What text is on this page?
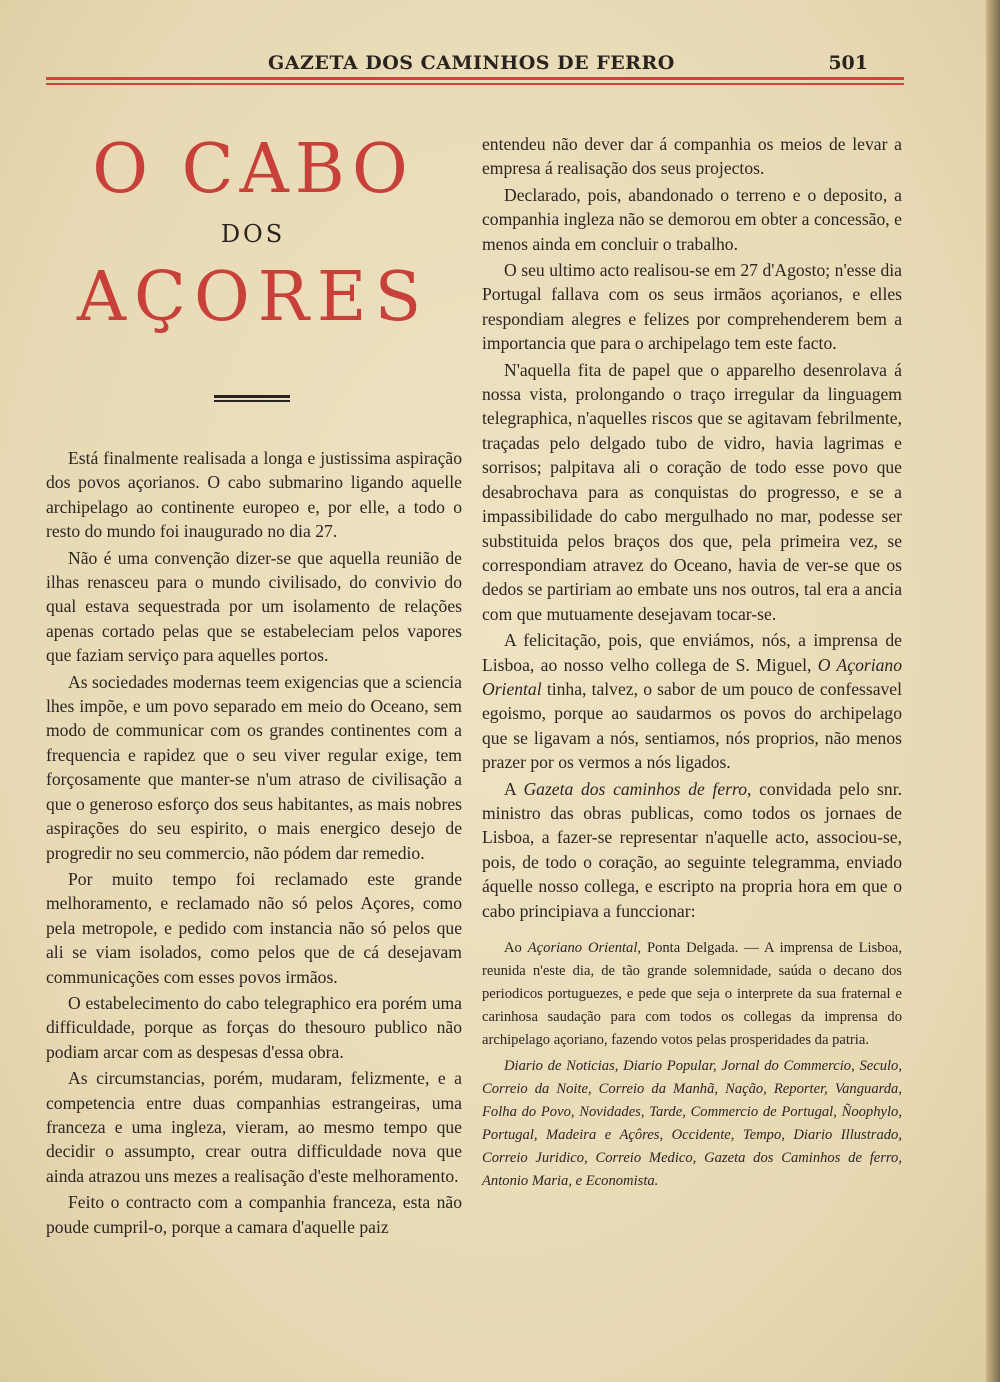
GAZETA DOS CAMINHOS DE FERRO	501
O CABO
DOS
AÇORES

Está finalmente realisada a longa e justissima aspiração dos povos açorianos. O cabo submarino ligando aquelle archipelago ao continente europeo e, por elle, a todo o resto do mundo foi inaugurado no dia 27.

Não é uma convenção dizer-se que aquella reunião de ilhas renasceu para o mundo civilisado, do convivio do qual estava sequestrada por um isolamento de relações apenas cortado pelas que se estabeleciam pelos vapores que faziam serviço para aquelles portos.

As sociedades modernas teem exigencias que a sciencia lhes impõe, e um povo separado em meio do Oceano, sem modo de communicar com os grandes continentes com a frequencia e rapidez que o seu viver regular exige, tem forçosamente que manter-se n'um atraso de civilisação a que o generoso esforço dos seus habitantes, as mais nobres aspirações do seu espirito, o mais energico desejo de progredir no seu commercio, não pódem dar remedio.

Por muito tempo foi reclamado este grande melhoramento, e reclamado não só pelos Açores, como pela metropole, e pedido com instancia não só pelos que ali se viam isolados, como pelos que de cá desejavam communicações com esses povos irmãos.

O estabelecimento do cabo telegraphico era porém uma difficuldade, porque as forças do thesouro publico não podiam arcar com as despesas d'essa obra.

As circumstancias, porém, mudaram, felizmente, e a competencia entre duas companhias estrangeiras, uma franceza e uma ingleza, vieram, ao mesmo tempo que decidir o assumpto, crear outra difficuldade nova que ainda atrazou uns mezes a realisação d'este melhoramento.

Feito o contracto com a companhia franceza, esta não poude cumpril-o, porque a camara d'aquelle paiz

entendeu não dever dar á companhia os meios de levar a empresa á realisação dos seus projectos.

Declarado, pois, abandonado o terreno e o deposito, a companhia ingleza não se demorou em obter a concessão, e menos ainda em concluir o trabalho.

O seu ultimo acto realisou-se em 27 d'Agosto; n'esse dia Portugal fallava com os seus irmãos açorianos, e elles respondiam alegres e felizes por comprehenderem bem a importancia que para o archipelago tem este facto.

N'aquella fita de papel que o apparelho desenrolava á nossa vista, prolongando o traço irregular da linguagem telegraphica, n'aquelles riscos que se agitavam febrilmente, traçadas pelo delgado tubo de vidro, havia lagrimas e sorrisos; palpitava ali o coração de todo esse povo que desabrochava para as conquistas do progresso, e se a impassibilidade do cabo mergulhado no mar, podesse ser substituida pelos braços dos que, pela primeira vez, se correspondiam atravez do Oceano, havia de ver-se que os dedos se partiriam ao embate uns nos outros, tal era a ancia com que mutuamente desejavam tocar-se.

A felicitação, pois, que enviámos, nós, a imprensa de Lisboa, ao nosso velho collega de S. Miguel, O Açoriano Oriental tinha, talvez, o sabor de um pouco de confessavel egoismo, porque ao saudarmos os povos do archipelago que se ligavam a nós, sentiamos, nós proprios, não menos prazer por os vermos a nós ligados.

A Gazeta dos caminhos de ferro, convidada pelo snr. ministro das obras publicas, como todos os jornaes de Lisboa, a fazer-se representar n'aquelle acto, associou-se, pois, de todo o coração, ao seguinte telegramma, enviado áquelle nosso collega, e escripto na propria hora em que o cabo principiava a funccionar:

Ao Açoriano Oriental, Ponta Delgada. — A imprensa de Lisboa, reunida n'este dia, de tão grande solemnidade, saúda o decano dos periodicos portuguezes, e pede que seja o interprete da sua fraternal e carinhosa saudação para com todos os collegas da imprensa do archipelago açoriano, fazendo votos pelas prosperidades da patria.

Diario de Noticias, Diario Popular, Jornal do Commercio, Seculo, Correio da Noite, Correio da Manhã, Nação, Reporter, Vanguarda, Folha do Povo, Novidades, Tarde, Commercio de Portugal, Ñoophylo, Portugal, Madeira e Açôres, Occidente, Tempo, Diario Illustrado, Correio Juridico, Correio Medico, Gazeta dos Caminhos de ferro, Antonio Maria, e Economista.
